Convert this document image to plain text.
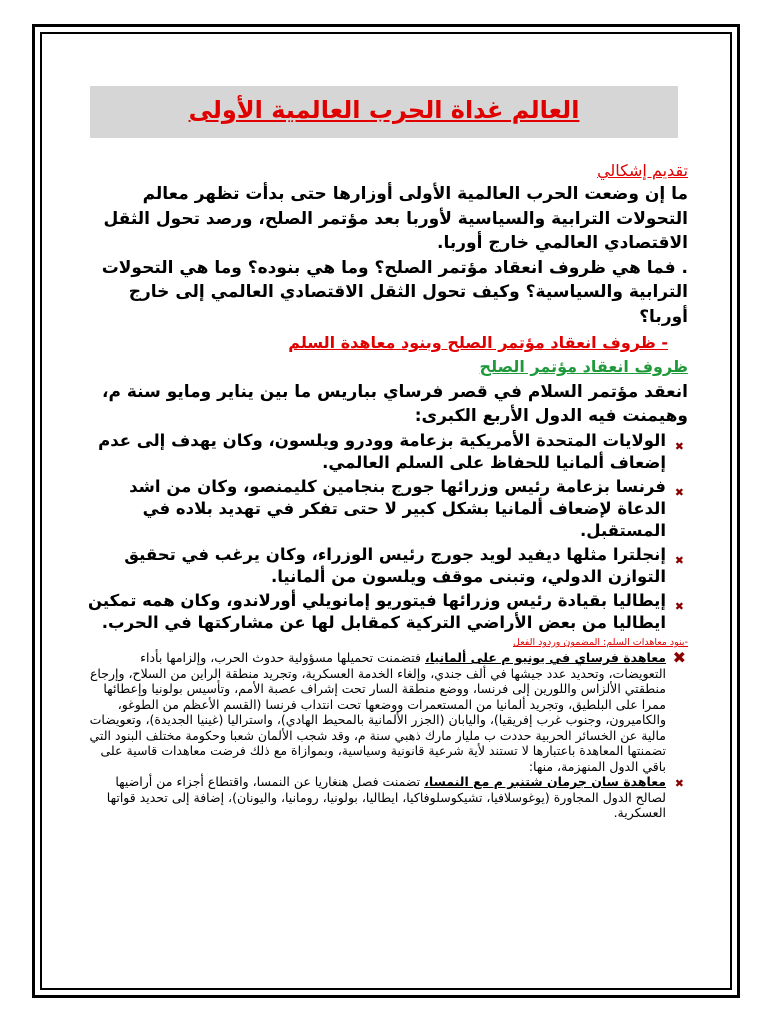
العالم غداة الحرب العالمية الأولى
تقديم إشكالي

ما إن وضعت الحرب العالمية الأولى أوزارها حتى بدأت تظهر معالم التحولات الترابية والسياسية لأوربا بعد مؤتمر الصلح، ورصد تحول الثقل الاقتصادي العالمي خارج أوربا.

. فما هي ظروف انعقاد مؤتمر الصلح؟ وما هي بنوده؟ وما هي التحولات الترابية والسياسية؟ وكيف تحول الثقل الاقتصادي العالمي إلى خارج أوربا؟

- ظروف انعقاد مؤتمر الصلح وبنود معاهدة السلم
ظروف انعقاد مؤتمر الصلح

انعقد مؤتمر السلام في قصر فرساي بباريس ما بين يناير ومايو سنة م، وهيمنت فيه الدول الأربع الكبرى:

✖
الولايات المتحدة الأمريكية بزعامة وودرو ويلسون، وكان يهدف إلى عدم إضعاف ألمانيا للحفاظ على السلم العالمي.
✖
فرنسا بزعامة رئيس وزرائها جورج بنجامين كليمنصو، وكان من اشد الدعاة لإضعاف ألمانيا بشكل كبير لا حتى تفكر في تهديد بلاده في المستقبل.
✖
إنجلترا مثلها ديفيد لويد جورج رئيس الوزراء، وكان يرغب في تحقيق التوازن الدولي، وتبنى موقف ويلسون من ألمانيا.
✖
إيطاليا بقيادة رئيس وزرائها فيتوريو إمانويلي أورلاندو، وكان همه تمكين ايطاليا من بعض الأراضي التركية كمقابل لها عن مشاركتها في الحرب.
-بنود معاهدات السلم: المضمون وردود الفعل

✖
معاهدة فرساي في يونيو م على ألمانيا، فتضمنت تحميلها مسؤولية حدوث الحرب، وإلزامها بأداء التعويضات، وتحديد عدد جيشها في ألف جندي، وإلغاء الخدمة العسكرية، وتجريد منطقة الراين من السلاح، وإرجاع منطقتي الألزاس واللورين إلى فرنسا، ووضع منطقة السار تحت إشراف عصبة الأمم، وتأسيس بولونيا وإعطائها ممرا على البلطيق، وتجريد ألمانيا من المستعمرات ووضعها تحت انتداب فرنسا (القسم الأعظم من الطوغو، والكاميرون، وجنوب غرب إفريقيا)، واليابان (الجزر الألمانية بالمحيط الهادي)، واستراليا (غينيا الجديدة)، وتعويضات مالية عن الخسائر الحربية حددت ب مليار مارك ذهبي سنة م، وقد شجب الألمان شعبا وحكومة مختلف البنود التي تضمنتها المعاهدة باعتبارها لا تستند لأية شرعية قانونية وسياسية، وبموازاة مع ذلك فرضت معاهدات قاسية على باقي الدول المنهزمة، منها:

✖
معاهدة سان جرمان شتنبر م مع النمسا، تضمنت فصل هنغاريا عن النمسا، واقتطاع أجزاء من أراضيها لصالح الدول المجاورة (يوغوسلافيا، تشيكوسلوفاكيا، ايطاليا، بولونيا، رومانيا، واليونان)، إضافة إلى تحديد قواتها العسكرية.
